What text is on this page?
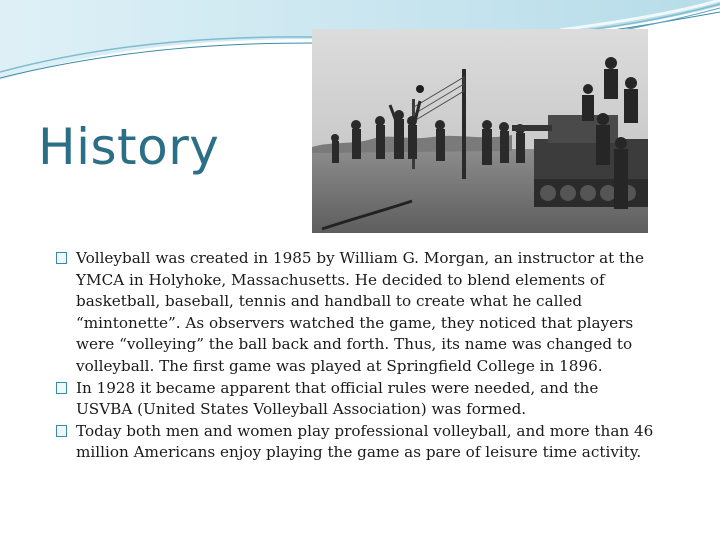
History
Volleyball was created in 1985 by William G. Morgan, an instructor at the YMCA in Holyhoke, Massachusetts. He decided to blend elements of basketball, baseball, tennis and handball to create what he called “mintonette”. As observers watched the game, they noticed that players were “volleying” the ball back and forth. Thus, its name was changed to volleyball. The first game was played at Springfield College in 1896.
In 1928 it became apparent that official rules were needed, and the USVBA (United States Volleyball Association) was formed.
Today both men and women play professional volleyball, and more than 46 million Americans enjoy playing the game as pare of leisure time activity.
